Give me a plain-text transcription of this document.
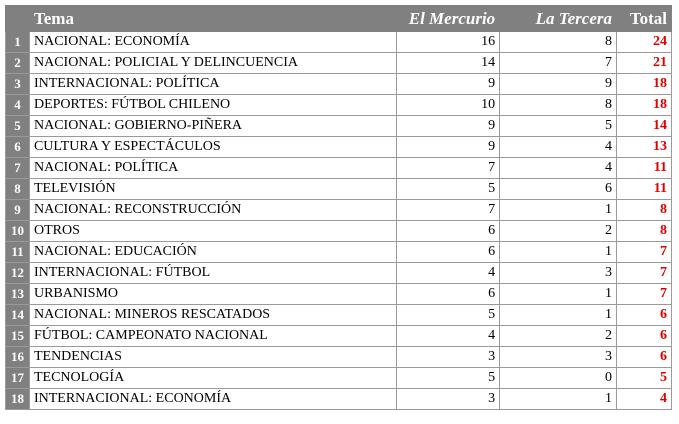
	Tema	El Mercurio	La Tercera	Total
1	NACIONAL: ECONOMÍA	16	8	24
2	NACIONAL: POLICIAL Y DELINCUENCIA	14	7	21
3	INTERNACIONAL: POLÍTICA	9	9	18
4	DEPORTES: FÚTBOL CHILENO	10	8	18
5	NACIONAL: GOBIERNO-PIÑERA	9	5	14
6	CULTURA Y ESPECTÁCULOS	9	4	13
7	NACIONAL: POLÍTICA	7	4	11
8	TELEVISIÓN	5	6	11
9	NACIONAL: RECONSTRUCCIÓN	7	1	8
10	OTROS	6	2	8
11	NACIONAL: EDUCACIÓN	6	1	7
12	INTERNACIONAL: FÚTBOL	4	3	7
13	URBANISMO	6	1	7
14	NACIONAL: MINEROS RESCATADOS	5	1	6
15	FÚTBOL: CAMPEONATO NACIONAL	4	2	6
16	TENDENCIAS	3	3	6
17	TECNOLOGÍA	5	0	5
18	INTERNACIONAL: ECONOMÍA	3	1	4
